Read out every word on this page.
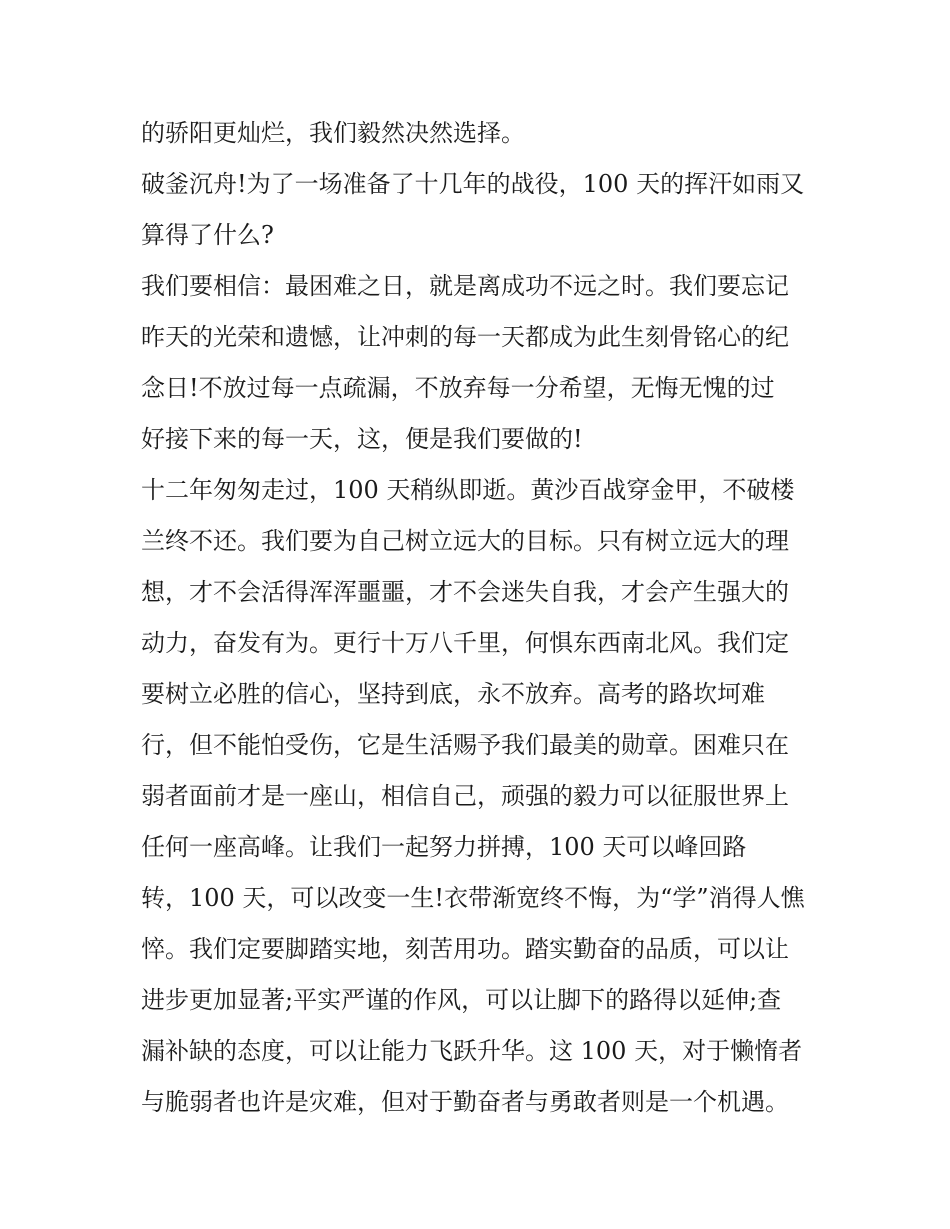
的骄阳更灿烂，我们毅然决然选择。
破釜沉舟!为了一场准备了十几年的战役，100 天的挥汗如雨又
算得了什么?
我们要相信：最困难之日，就是离成功不远之时。我们要忘记
昨天的光荣和遗憾，让冲刺的每一天都成为此生刻骨铭心的纪
念日!不放过每一点疏漏，不放弃每一分希望，无悔无愧的过
好接下来的每一天，这，便是我们要做的!
十二年匆匆走过，100 天稍纵即逝。黄沙百战穿金甲，不破楼
兰终不还。我们要为自己树立远大的目标。只有树立远大的理
想，才不会活得浑浑噩噩，才不会迷失自我，才会产生强大的
动力，奋发有为。更行十万八千里，何惧东西南北风。我们定
要树立必胜的信心，坚持到底，永不放弃。高考的路坎坷难
行，但不能怕受伤，它是生活赐予我们最美的勋章。困难只在
弱者面前才是一座山，相信自己，顽强的毅力可以征服世界上
任何一座高峰。让我们一起努力拼搏，100 天可以峰回路
转，100 天，可以改变一生!衣带渐宽终不悔，为“学”消得人憔
悴。我们定要脚踏实地，刻苦用功。踏实勤奋的品质，可以让
进步更加显著;平实严谨的作风，可以让脚下的路得以延伸;查
漏补缺的态度，可以让能力飞跃升华。这 100 天，对于懒惰者
与脆弱者也许是灾难，但对于勤奋者与勇敢者则是一个机遇。
